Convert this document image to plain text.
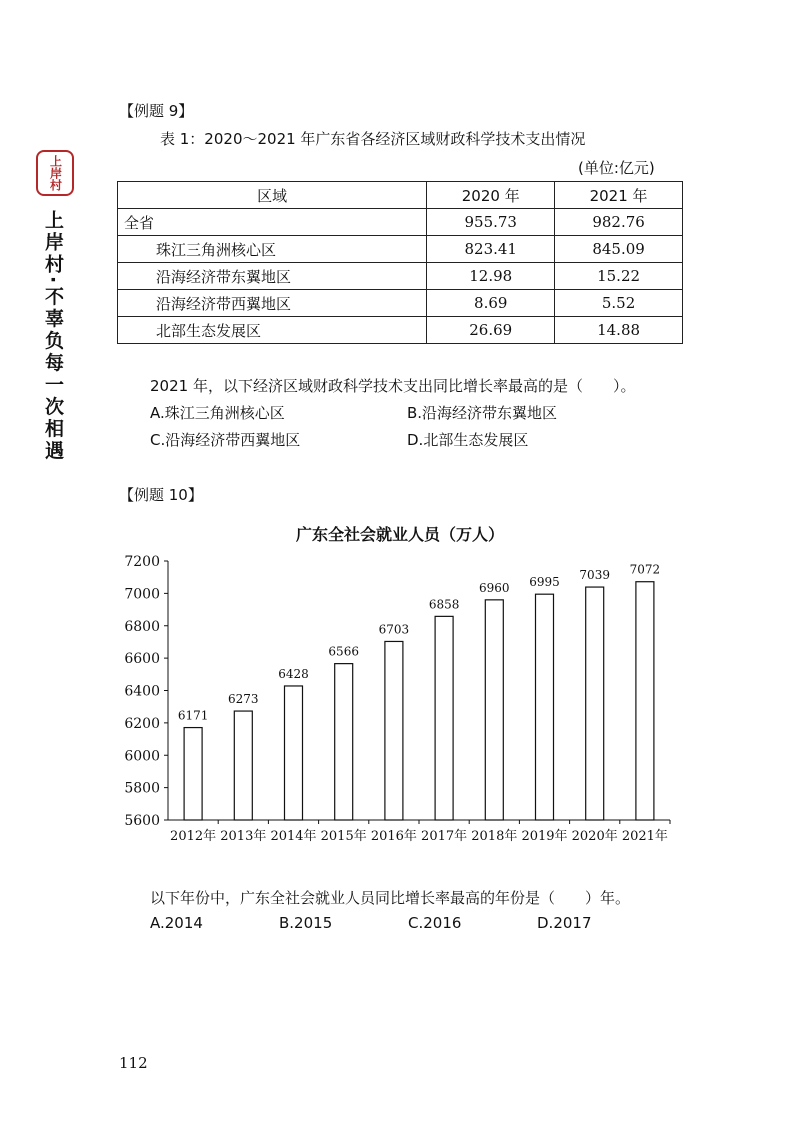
上岸村
上岸村·不辜负每一次相遇
【例题 9】
表 1：2020～2021 年广东省各经济区域财政科学技术支出情况
(单位:亿元)
区域	2020 年	2021 年
全省	955.73	982.76
珠江三角洲核心区	823.41	845.09
沿海经济带东翼地区	12.98	15.22
沿海经济带西翼地区	8.69	5.52
北部生态发展区	26.69	14.88
2021 年，以下经济区域财政科学技术支出同比增长率最高的是（　　）。
A.珠江三角洲核心区	B.沿海经济带东翼地区
C.沿海经济带西翼地区	D.北部生态发展区
【例题 10】
广东全社会就业人员（万人）
5600
5800
6000
6200
6400
6600
6800
7000
7200
6171
2012年
6273
2013年
6428
2014年
6566
2015年
6703
2016年
6858
2017年
6960
2018年
6995
2019年
7039
2020年
7072
2021年
以下年份中，广东全社会就业人员同比增长率最高的年份是（　　）年。
A.2014	B.2015	C.2016	D.2017
112
